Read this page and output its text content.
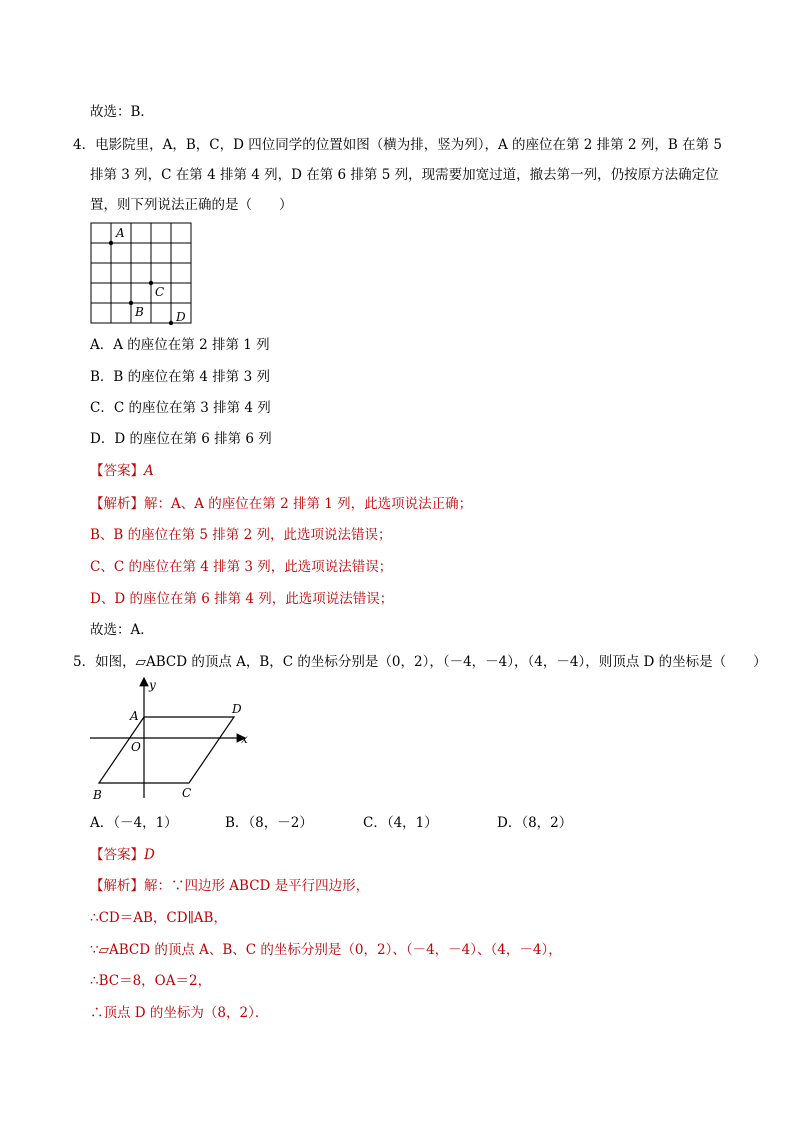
故选：B．
4．电影院里，A，B，C，D 四位同学的位置如图（横为排，竖为列），A 的座位在第 2 排第 2 列，B 在第 5
排第 3 列，C 在第 4 排第 4 列，D 在第 6 排第 5 列，现需要加宽过道，撤去第一列，仍按原方法确定位
置，则下列说法正确的是（　　）
A
B
C
D
A．A 的座位在第 2 排第 1 列
B．B 的座位在第 4 排第 3 列
C．C 的座位在第 3 排第 4 列
D．D 的座位在第 6 排第 6 列
【答案】A
【解析】解：A、A 的座位在第 2 排第 1 列，此选项说法正确；
B、B 的座位在第 5 排第 2 列，此选项说法错误；
C、C 的座位在第 4 排第 3 列，此选项说法错误；
D、D 的座位在第 6 排第 4 列，此选项说法错误；
故选：A．
5．如图，▱ABCD 的顶点 A，B，C 的坐标分别是（0，2），（－4，－4），（4，－4），则顶点 D 的坐标是（　　）
y
x
A
O
B	C
D
A．（－4，1）	B．（8，－2）	C．（4，1）	D．（8，2）
【答案】D
【解析】解：∵四边形 ABCD 是平行四边形，
∴CD＝AB，CD∥AB，
∵▱ABCD 的顶点 A、B、C 的坐标分别是（0，2）、（－4，－4）、（4，－4），
∴BC＝8，OA＝2，
∴顶点 D 的坐标为（8，2）．
